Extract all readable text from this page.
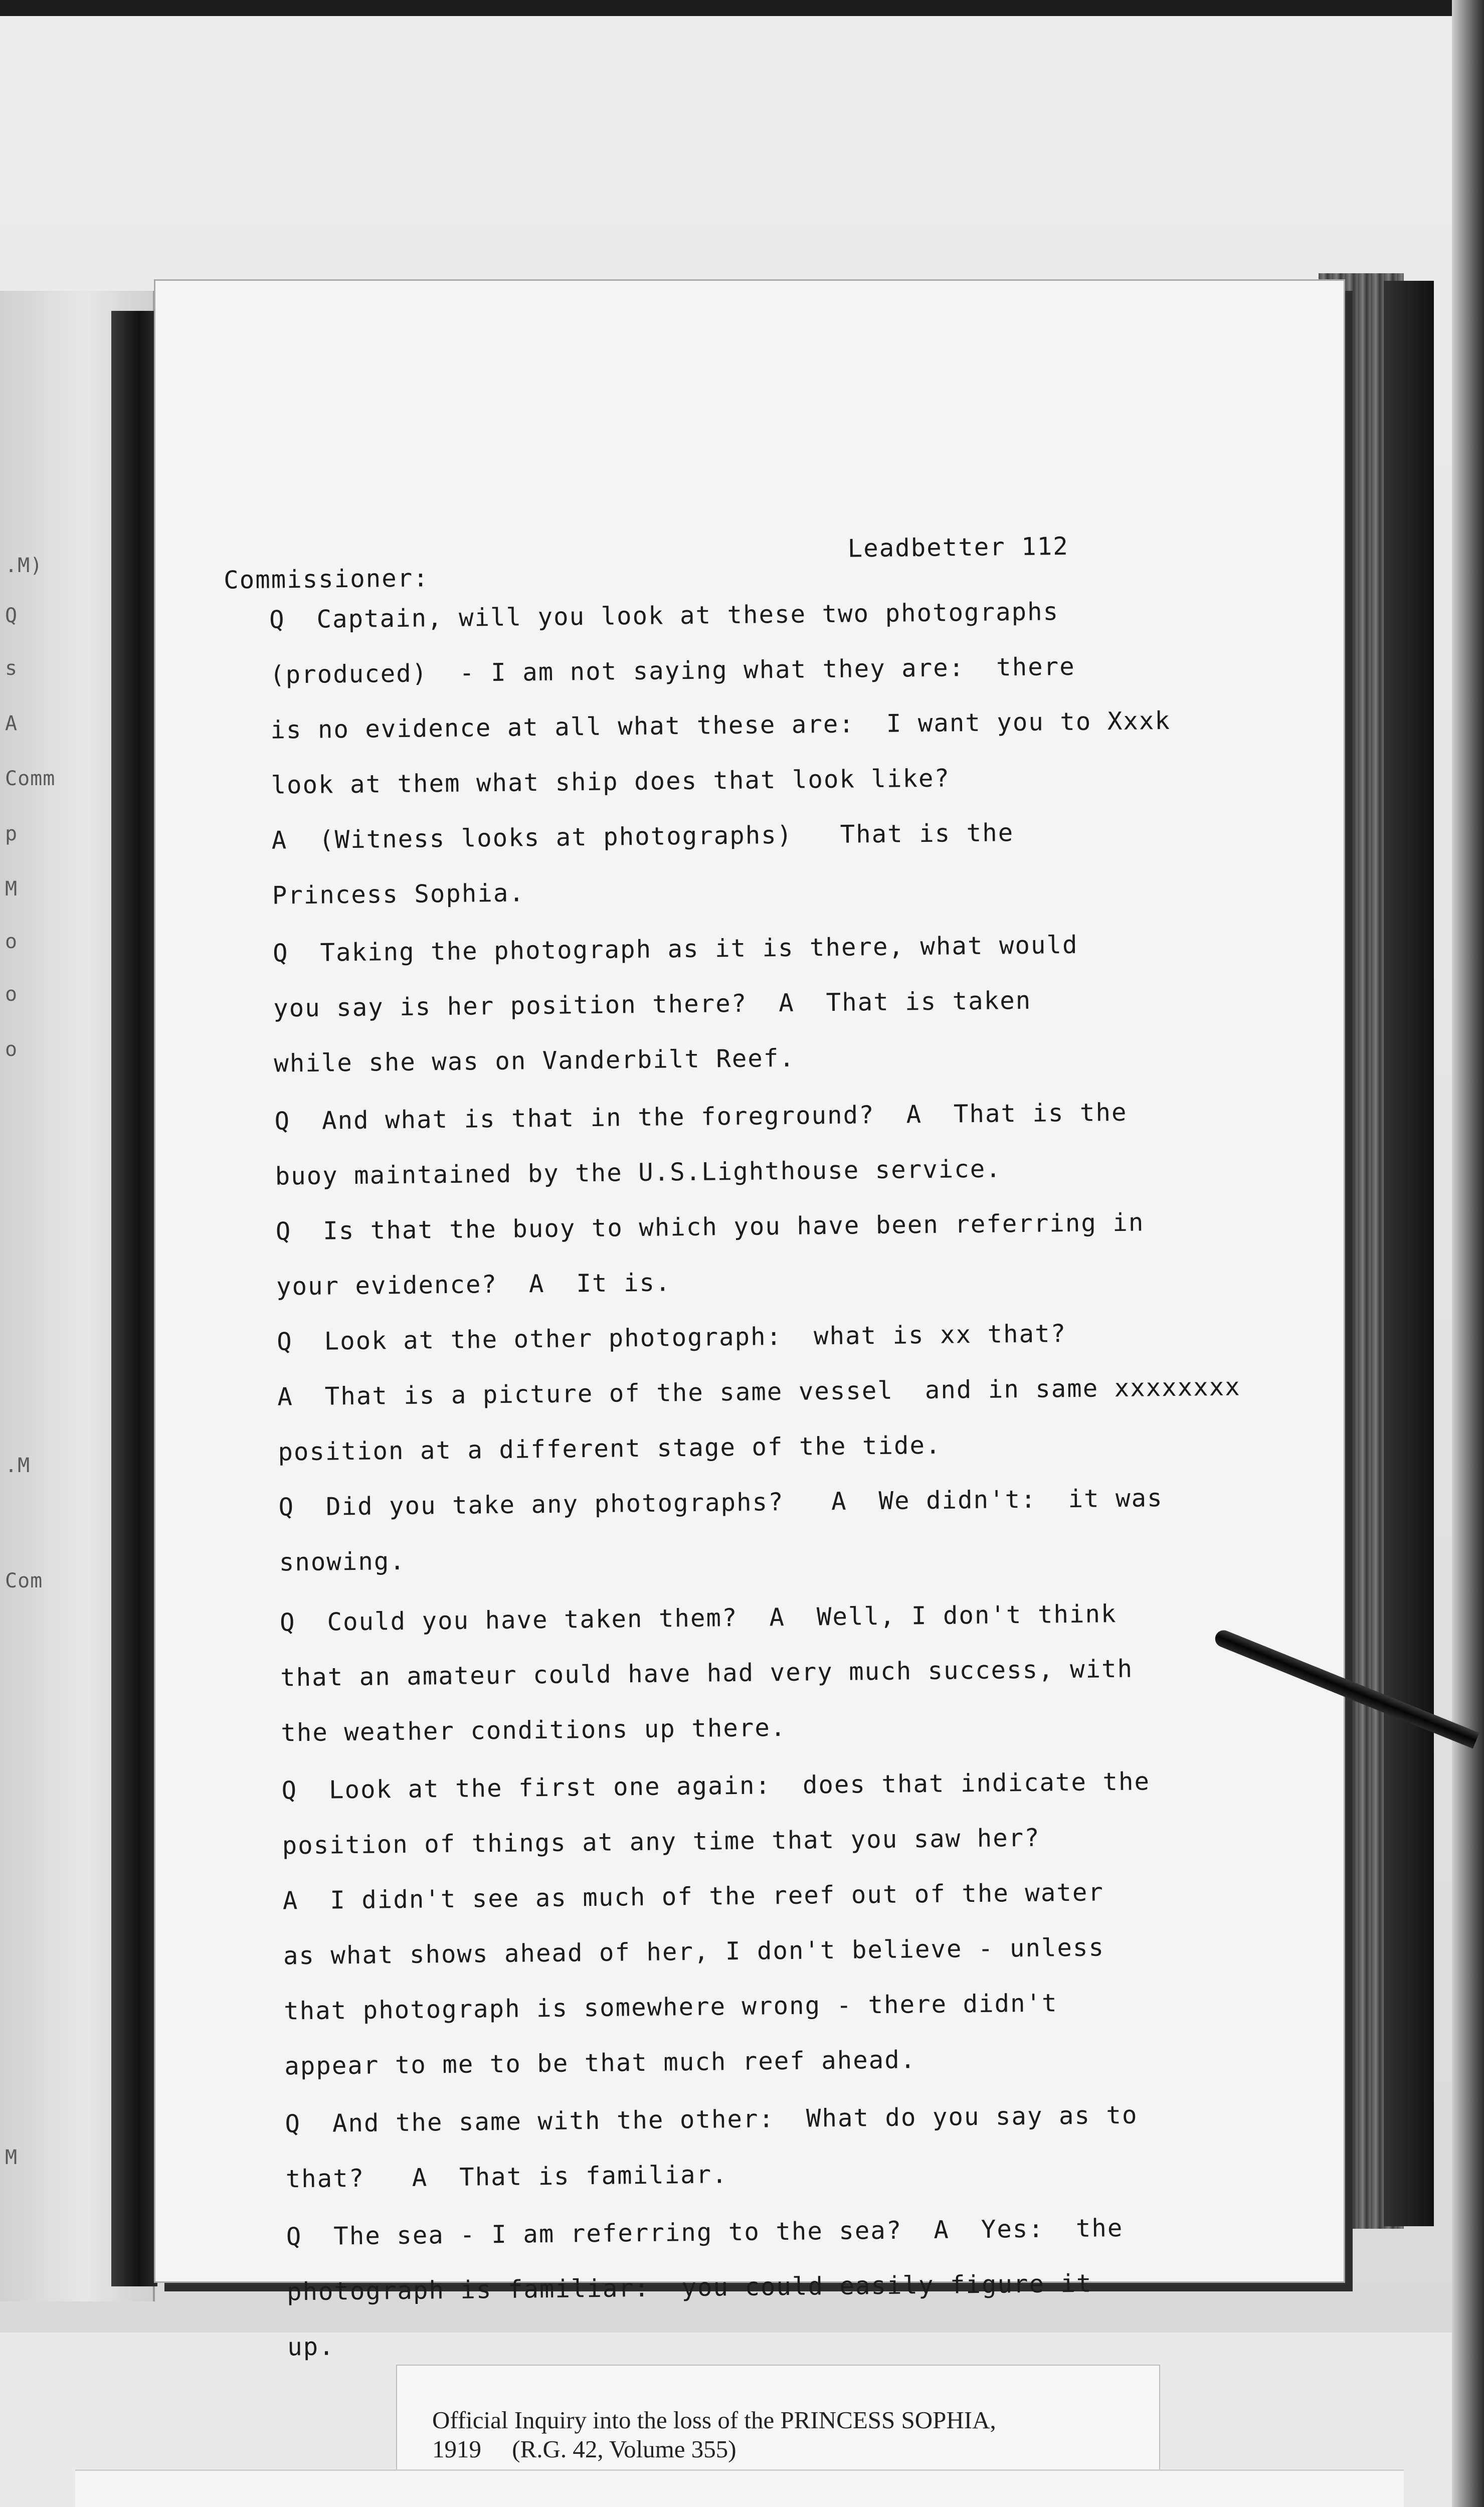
.M)
Q
s
A
Comm
p
M
o
o
o
.M
Com
M
Commissioner:
Leadbetter 112
Q  Captain, will you look at these two photographs
(produced)  - I am not saying what they are:  there
is no evidence at all what these are:  I want you to Xxxk
look at them what ship does that look like?
A  (Witness looks at photographs)   That is the
Princess Sophia.
Q  Taking the photograph as it is there, what would
you say is her position there?  A  That is taken
while she was on Vanderbilt Reef.
Q  And what is that in the foreground?  A  That is the
buoy maintained by the U.S.Lighthouse service.
Q  Is that the buoy to which you have been referring in
your evidence?  A  It is.
Q  Look at the other photograph:  what is xx that?
A  That is a picture of the same vessel  and in same xxxxxxxx
position at a different stage of the tide.
Q  Did you take any photographs?   A  We didn't:  it was
snowing.
Q  Could you have taken them?  A  Well, I don't think
that an amateur could have had very much success, with
the weather conditions up there.
Q  Look at the first one again:  does that indicate the
position of things at any time that you saw her?
A  I didn't see as much of the reef out of the water
as what shows ahead of her, I don't believe - unless
that photograph is somewhere wrong - there didn't
appear to me to be that much reef ahead.
Q  And the same with the other:  What do you say as to
that?   A  That is familiar.
Q  The sea - I am referring to the sea?  A  Yes:  the
photograph is familiar:  you could easily figure it
up.
Official Inquiry into the loss of the PRINCESS SOPHIA,
1919     (R.G. 42, Volume 355)
